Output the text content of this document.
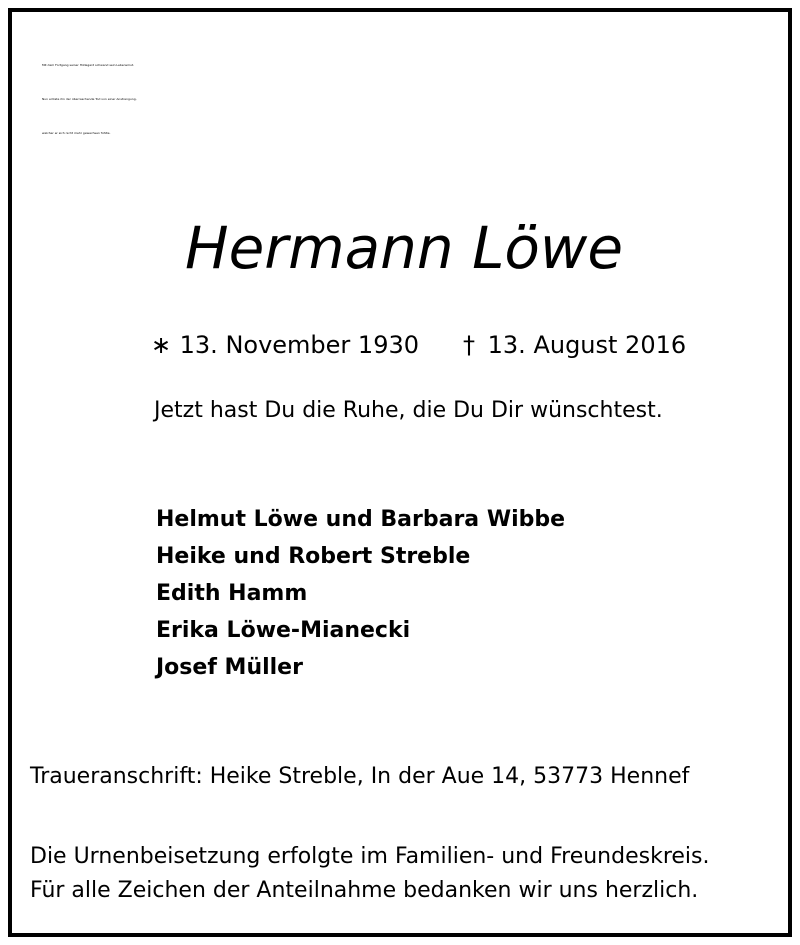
Mit dem Fortgang seiner Hildegard schwand sein Lebensmut.
Nun erlöste ihn der überraschende Tod von einer Anstrengung,
welcher er sich nicht mehr gewachsen fühlte.
Hermann Löwe
∗ 13. November 1930 † 13. August 2016
Jetzt hast Du die Ruhe, die Du Dir wünschtest.
Helmut Löwe und Barbara Wibbe
Heike und Robert Streble
Edith Hamm
Erika Löwe-Mianecki
Josef Müller
Traueranschrift: Heike Streble, In der Aue 14, 53773 Hennef
Die Urnenbeisetzung erfolgte im Familien- und Freundeskreis.
Für alle Zeichen der Anteilnahme bedanken wir uns herzlich.
